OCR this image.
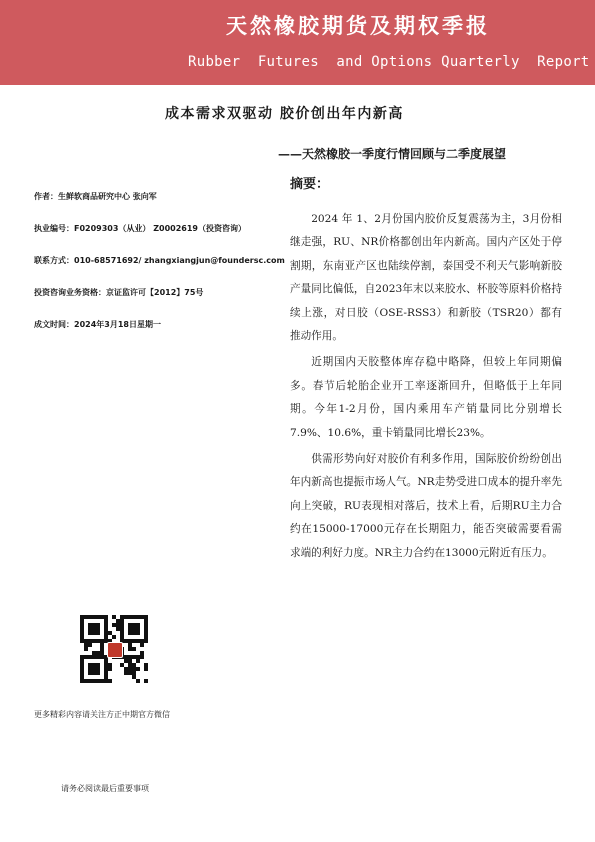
天然橡胶期货及期权季报
Rubber  Futures  and Options Quarterly  Report
成本需求双驱动 胶价创出年内新高
——天然橡胶一季度行情回顾与二季度展望
作者：生鲜软商品研究中心 张向军
执业编号：F0209303（从业） Z0002619（投资咨询）
联系方式：010-68571692/ zhangxiangjun@foundersc.com
投资咨询业务资格：京证监许可【2012】75号
成文时间：2024年3月18日星期一
摘要：

2024 年 1、2月份国内胶价反复震荡为主，3月份相继走强，RU、NR价格都创出年内新高。国内产区处于停割期，东南亚产区也陆续停割，泰国受不利天气影响新胶产量同比偏低，自2023年末以来胶水、杯胶等原料价格持续上涨，对日胶（OSE-RSS3）和新胶（TSR20）都有推动作用。

近期国内天胶整体库存稳中略降，但较上年同期偏多。春节后轮胎企业开工率逐渐回升，但略低于上年同期。今年1-2月份，国内乘用车产销量同比分别增长7.9%、10.6%，重卡销量同比增长23%。

供需形势向好对胶价有利多作用，国际胶价纷纷创出年内新高也提振市场人气。NR走势受进口成本的提升率先向上突破，RU表现相对落后，技术上看，后期RU主力合约在15000-17000元存在长期阻力，能否突破需要看需求端的利好力度。NR主力合约在13000元附近有压力。

更多精彩内容请关注方正中期官方微信
请务必阅读最后重要事项
